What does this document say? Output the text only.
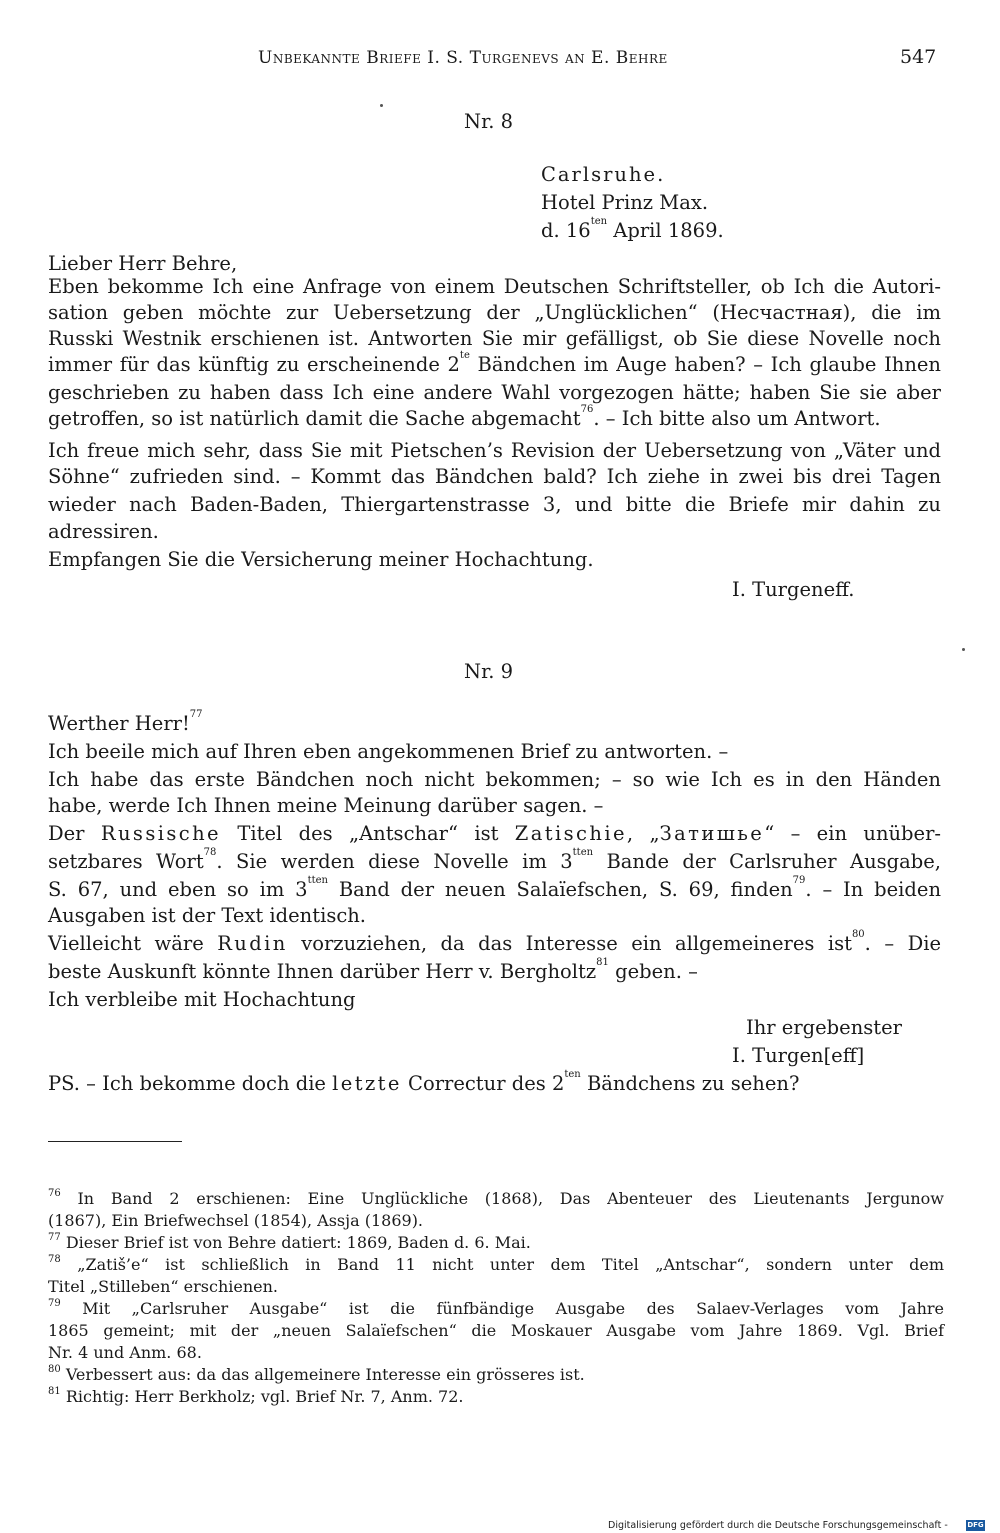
Unbekannte Briefe I. S. Turgenevs an E. Behre	547
Nr. 8
Carlsruhe.
Hotel Prinz Max.
d. $16^{ten}$ April 1869.
Lieber Herr Behre,
Eben bekomme Ich eine Anfrage von einem Deutschen Schriftsteller, ob Ich die Autori-
sation geben möchte zur Uebersetzung der „Unglücklichen“ (Несчастная), die im
Russki Westnik erschienen ist. Antworten Sie mir gefälligst, ob Sie diese Novelle noch
immer für das künftig zu erscheinende $2^{te}$ Bändchen im Auge haben? – Ich glaube Ihnen
geschrieben zu haben dass Ich eine andere Wahl vorgezogen hätte; haben Sie sie aber
getroffen, so ist natürlich damit die Sache abgemacht$^{76}$. – Ich bitte also um Antwort.
Ich freue mich sehr, dass Sie mit Pietschen’s Revision der Uebersetzung von „Väter und
Söhne“ zufrieden sind. – Kommt das Bändchen bald? Ich ziehe in zwei bis drei Tagen
wieder nach Baden-Baden, Thiergartenstrasse 3, und bitte die Briefe mir dahin zu
adressiren.
Empfangen Sie die Versicherung meiner Hochachtung.
I. Turgeneff.
Nr. 9
Werther Herr!$^{77}$
Ich beeile mich auf Ihren eben angekommenen Brief zu antworten. –
Ich habe das erste Bändchen noch nicht bekommen; – so wie Ich es in den Händen
habe, werde Ich Ihnen meine Meinung darüber sagen. –
Der Russische Titel des „Antschar“ ist Zatischie, „Затишье“ – ein unüber-
setzbares Wort$^{78}$. Sie werden diese Novelle im $3^{tten}$ Bande der Carlsruher Ausgabe,
S. 67, und eben so im $3^{tten}$ Band der neuen Salaïefschen, S. 69, finden$^{79}$. – In beiden
Ausgaben ist der Text identisch.
Vielleicht wäre Rudin vorzuziehen, da das Interesse ein allgemeineres ist$^{80}$. – Die
beste Auskunft könnte Ihnen darüber Herr v. Bergholtz$^{81}$ geben. –
Ich verbleibe mit Hochachtung
Ihr ergebenster
I. Turgen[eff]
PS. – Ich bekomme doch die letzte Correctur des $2^{ten}$ Bändchens zu sehen?
$^{76}$ In Band 2 erschienen: Eine Unglückliche (1868), Das Abenteuer des Lieutenants Jergunow
(1867), Ein Briefwechsel (1854), Assja (1869).
$^{77}$ Dieser Brief ist von Behre datiert: 1869, Baden d. 6. Mai.
$^{78}$ „Zatiš’e“ ist schließlich in Band 11 nicht unter dem Titel „Antschar“, sondern unter dem
Titel „Stilleben“ erschienen.
$^{79}$ Mit „Carlsruher Ausgabe“ ist die fünfbändige Ausgabe des Salaev-Verlages vom Jahre
1865 gemeint; mit der „neuen Salaïefschen“ die Moskauer Ausgabe vom Jahre 1869. Vgl. Brief
Nr. 4 und Anm. 68.
$^{80}$ Verbessert aus: da das allgemeinere Interesse ein grösseres ist.
$^{81}$ Richtig: Herr Berkholz; vgl. Brief Nr. 7, Anm. 72.
Digitalisierung gefördert durch die Deutsche Forschungsgemeinschaft -	DFG
